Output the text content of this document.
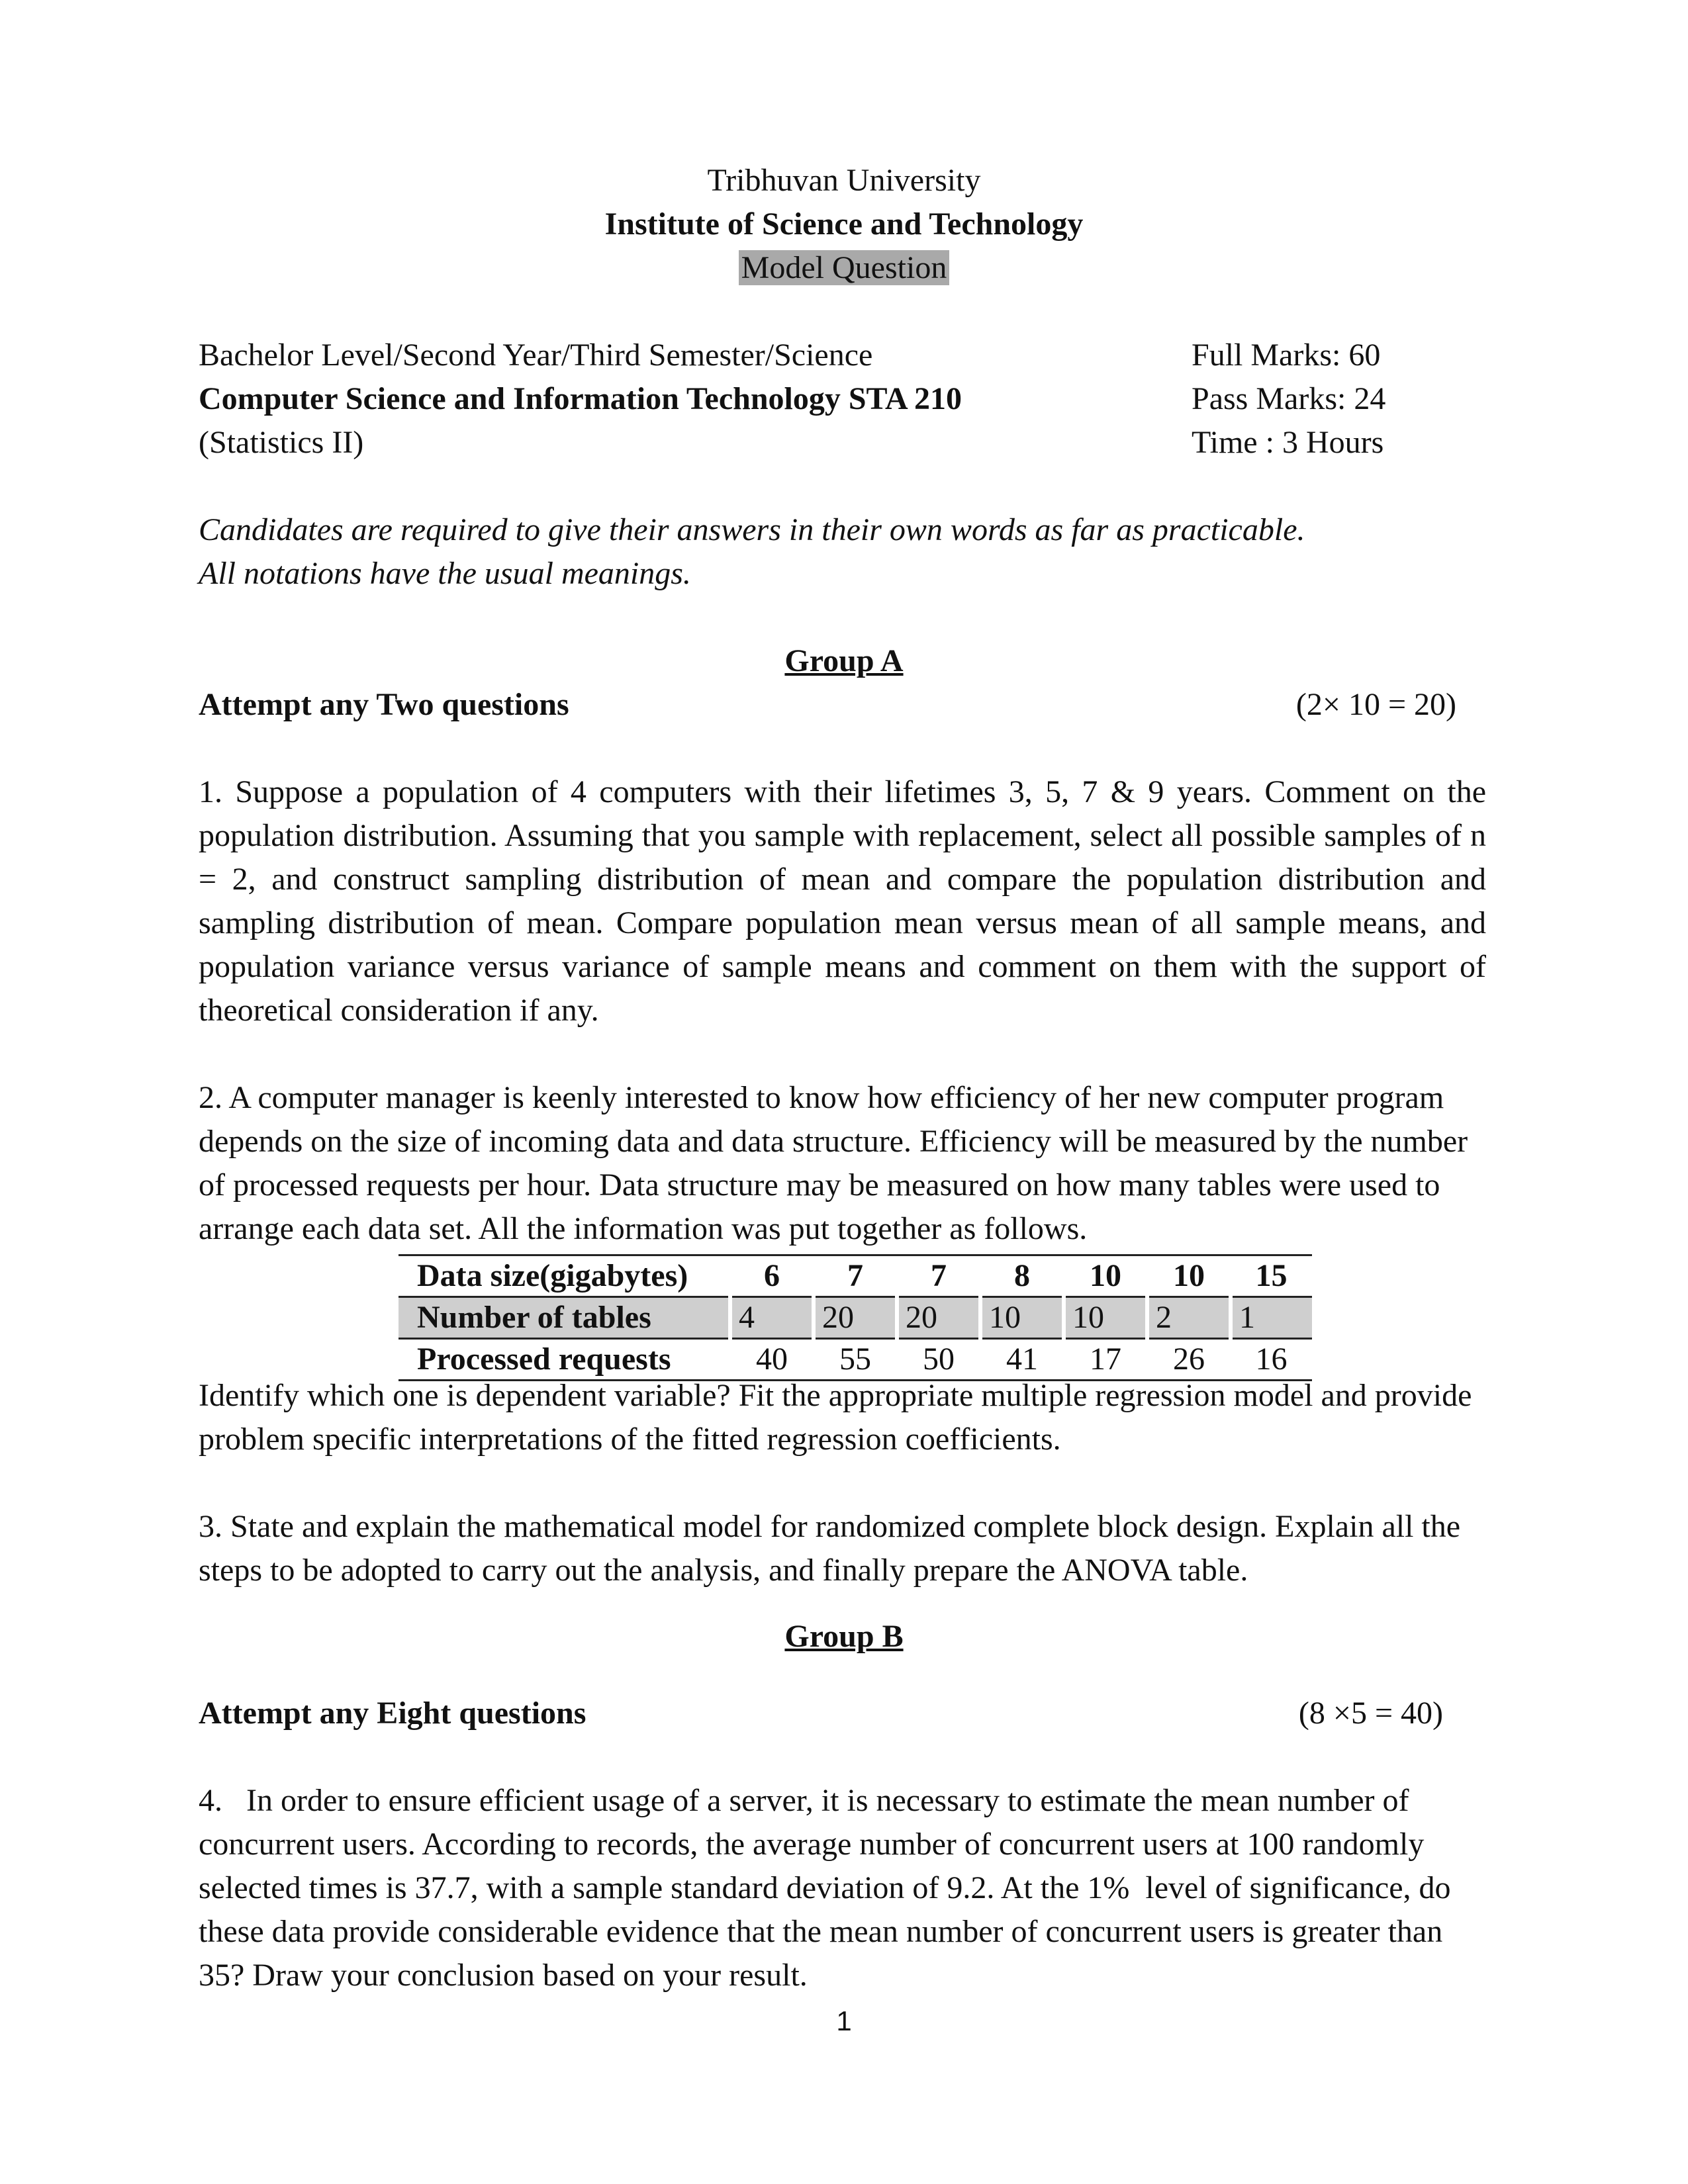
Tribhuvan University
Institute of Science and Technology
Model Question
Bachelor Level/Second Year/Third Semester/Science
Computer Science and Information Technology STA 210
(Statistics II)
Full Marks: 60
Pass Marks: 24
Time : 3 Hours
Candidates are required to give their answers in their own words as far as practicable.
All notations have the usual meanings.
Group A
Attempt any Two questions	(2× 10 = 20)
1. Suppose a population of 4 computers with their lifetimes 3, 5, 7 & 9 years. Comment on the population distribution. Assuming that you sample with replacement, select all possible samples of n = 2, and construct sampling distribution of mean and compare the population distribution and sampling distribution of mean. Compare population mean versus mean of all sample means, and population variance versus variance of sample means and comment on them with the support of theoretical consideration if any.
2. A computer manager is keenly interested to know how efficiency of her new computer program depends on the size of incoming data and data structure. Efficiency will be measured by the number of processed requests per hour. Data structure may be measured on how many tables were used to arrange each data set. All the information was put together as follows.
Data size(gigabytes)	6	7	7	8	10	10	15
Number of tables	4	20	20	10	10	2	1
Processed requests	40	55	50	41	17	26	16
Identify which one is dependent variable? Fit the appropriate multiple regression model and provide problem specific interpretations of the fitted regression coefficients.
3. State and explain the mathematical model for randomized complete block design. Explain all the steps to be adopted to carry out the analysis, and finally prepare the ANOVA table.
Group B
Attempt any Eight questions	(8 ×5 = 40)
4.   In order to ensure efficient usage of a server, it is necessary to estimate the mean number of concurrent users. According to records, the average number of concurrent users at 100 randomly selected times is 37.7, with a sample standard deviation of 9.2. At the 1%  level of significance, do these data provide considerable evidence that the mean number of concurrent users is greater than 35? Draw your conclusion based on your result.
1
